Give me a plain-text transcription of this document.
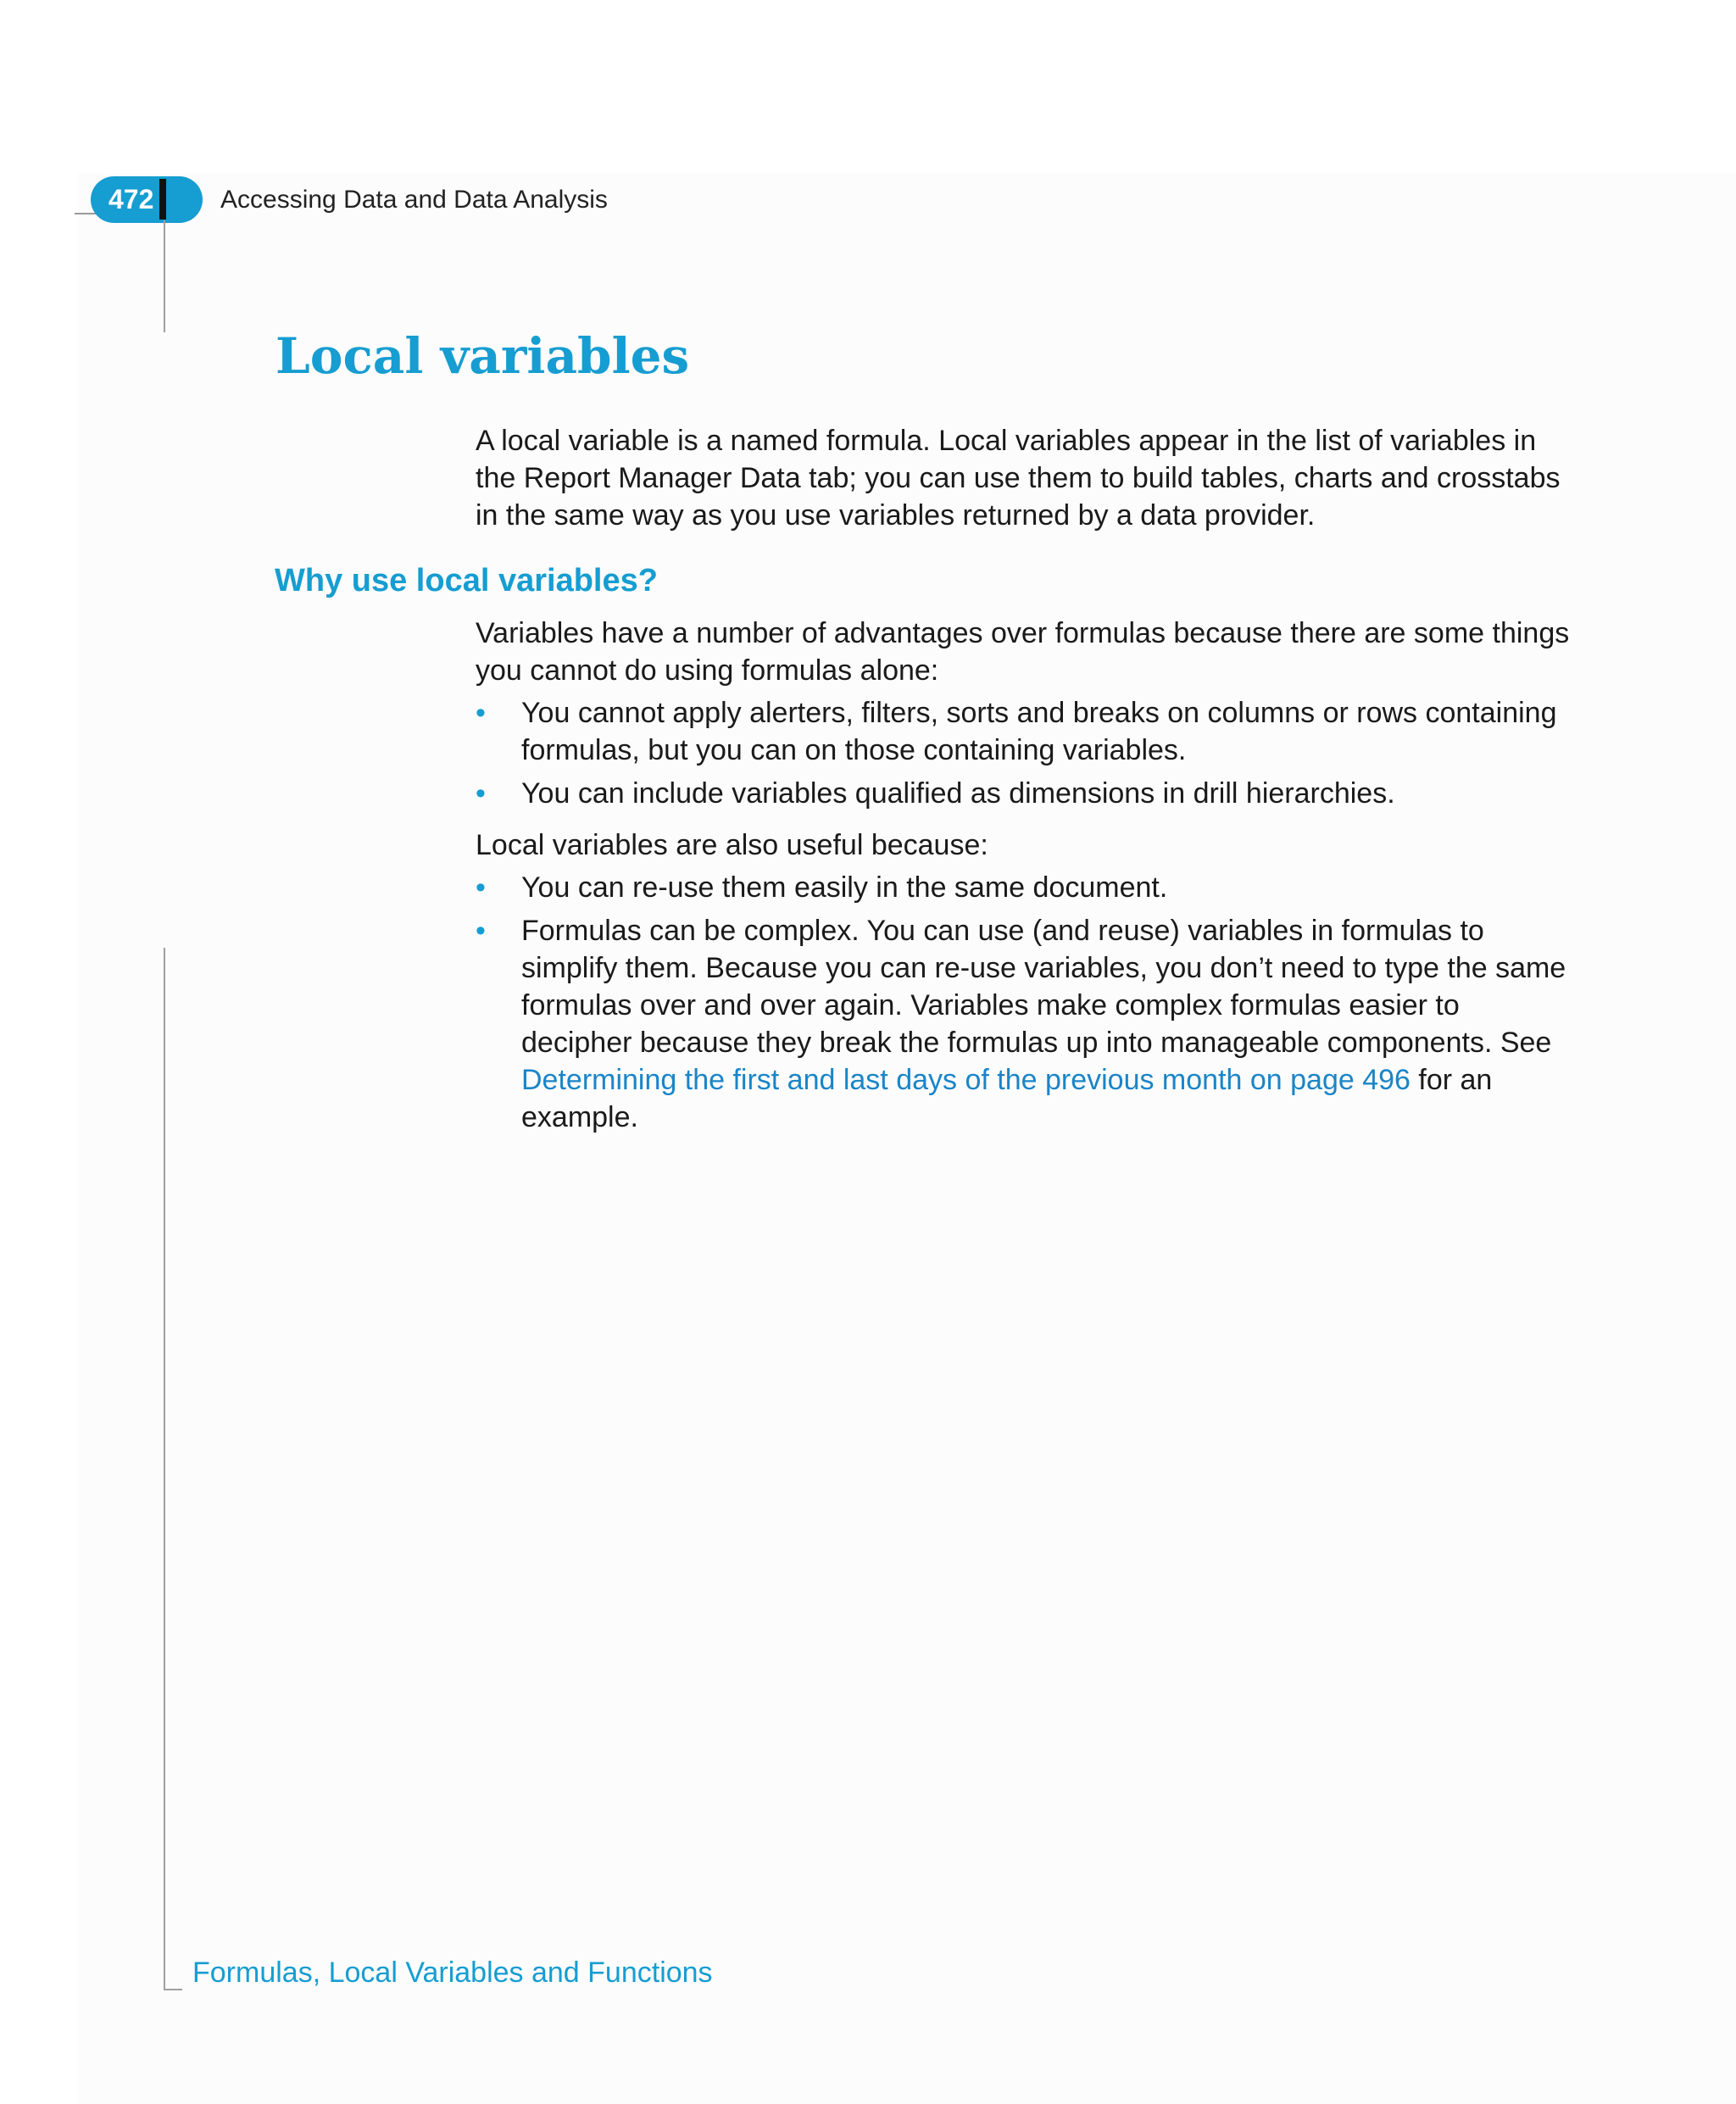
472	Accessing Data and Data Analysis
Local variables

A local variable is a named formula. Local variables appear in the list of variables in the Report Manager Data tab; you can use them to build tables, charts and crosstabs in the same way as you use variables returned by a data provider.

Why use local variables?

Variables have a number of advantages over formulas because there are some things you cannot do using formulas alone:

• You cannot apply alerters, filters, sorts and breaks on columns or rows containing formulas, but you can on those containing variables.
• You can include variables qualified as dimensions in drill hierarchies.

Local variables are also useful because:

• You can re-use them easily in the same document.
• Formulas can be complex. You can use (and reuse) variables in formulas to simplify them. Because you can re-use variables, you don’t need to type the same formulas over and over again. Variables make complex formulas easier to decipher because they break the formulas up into manageable components. See Determining the first and last days of the previous month on page 496 for an example.
Formulas, Local Variables and Functions
